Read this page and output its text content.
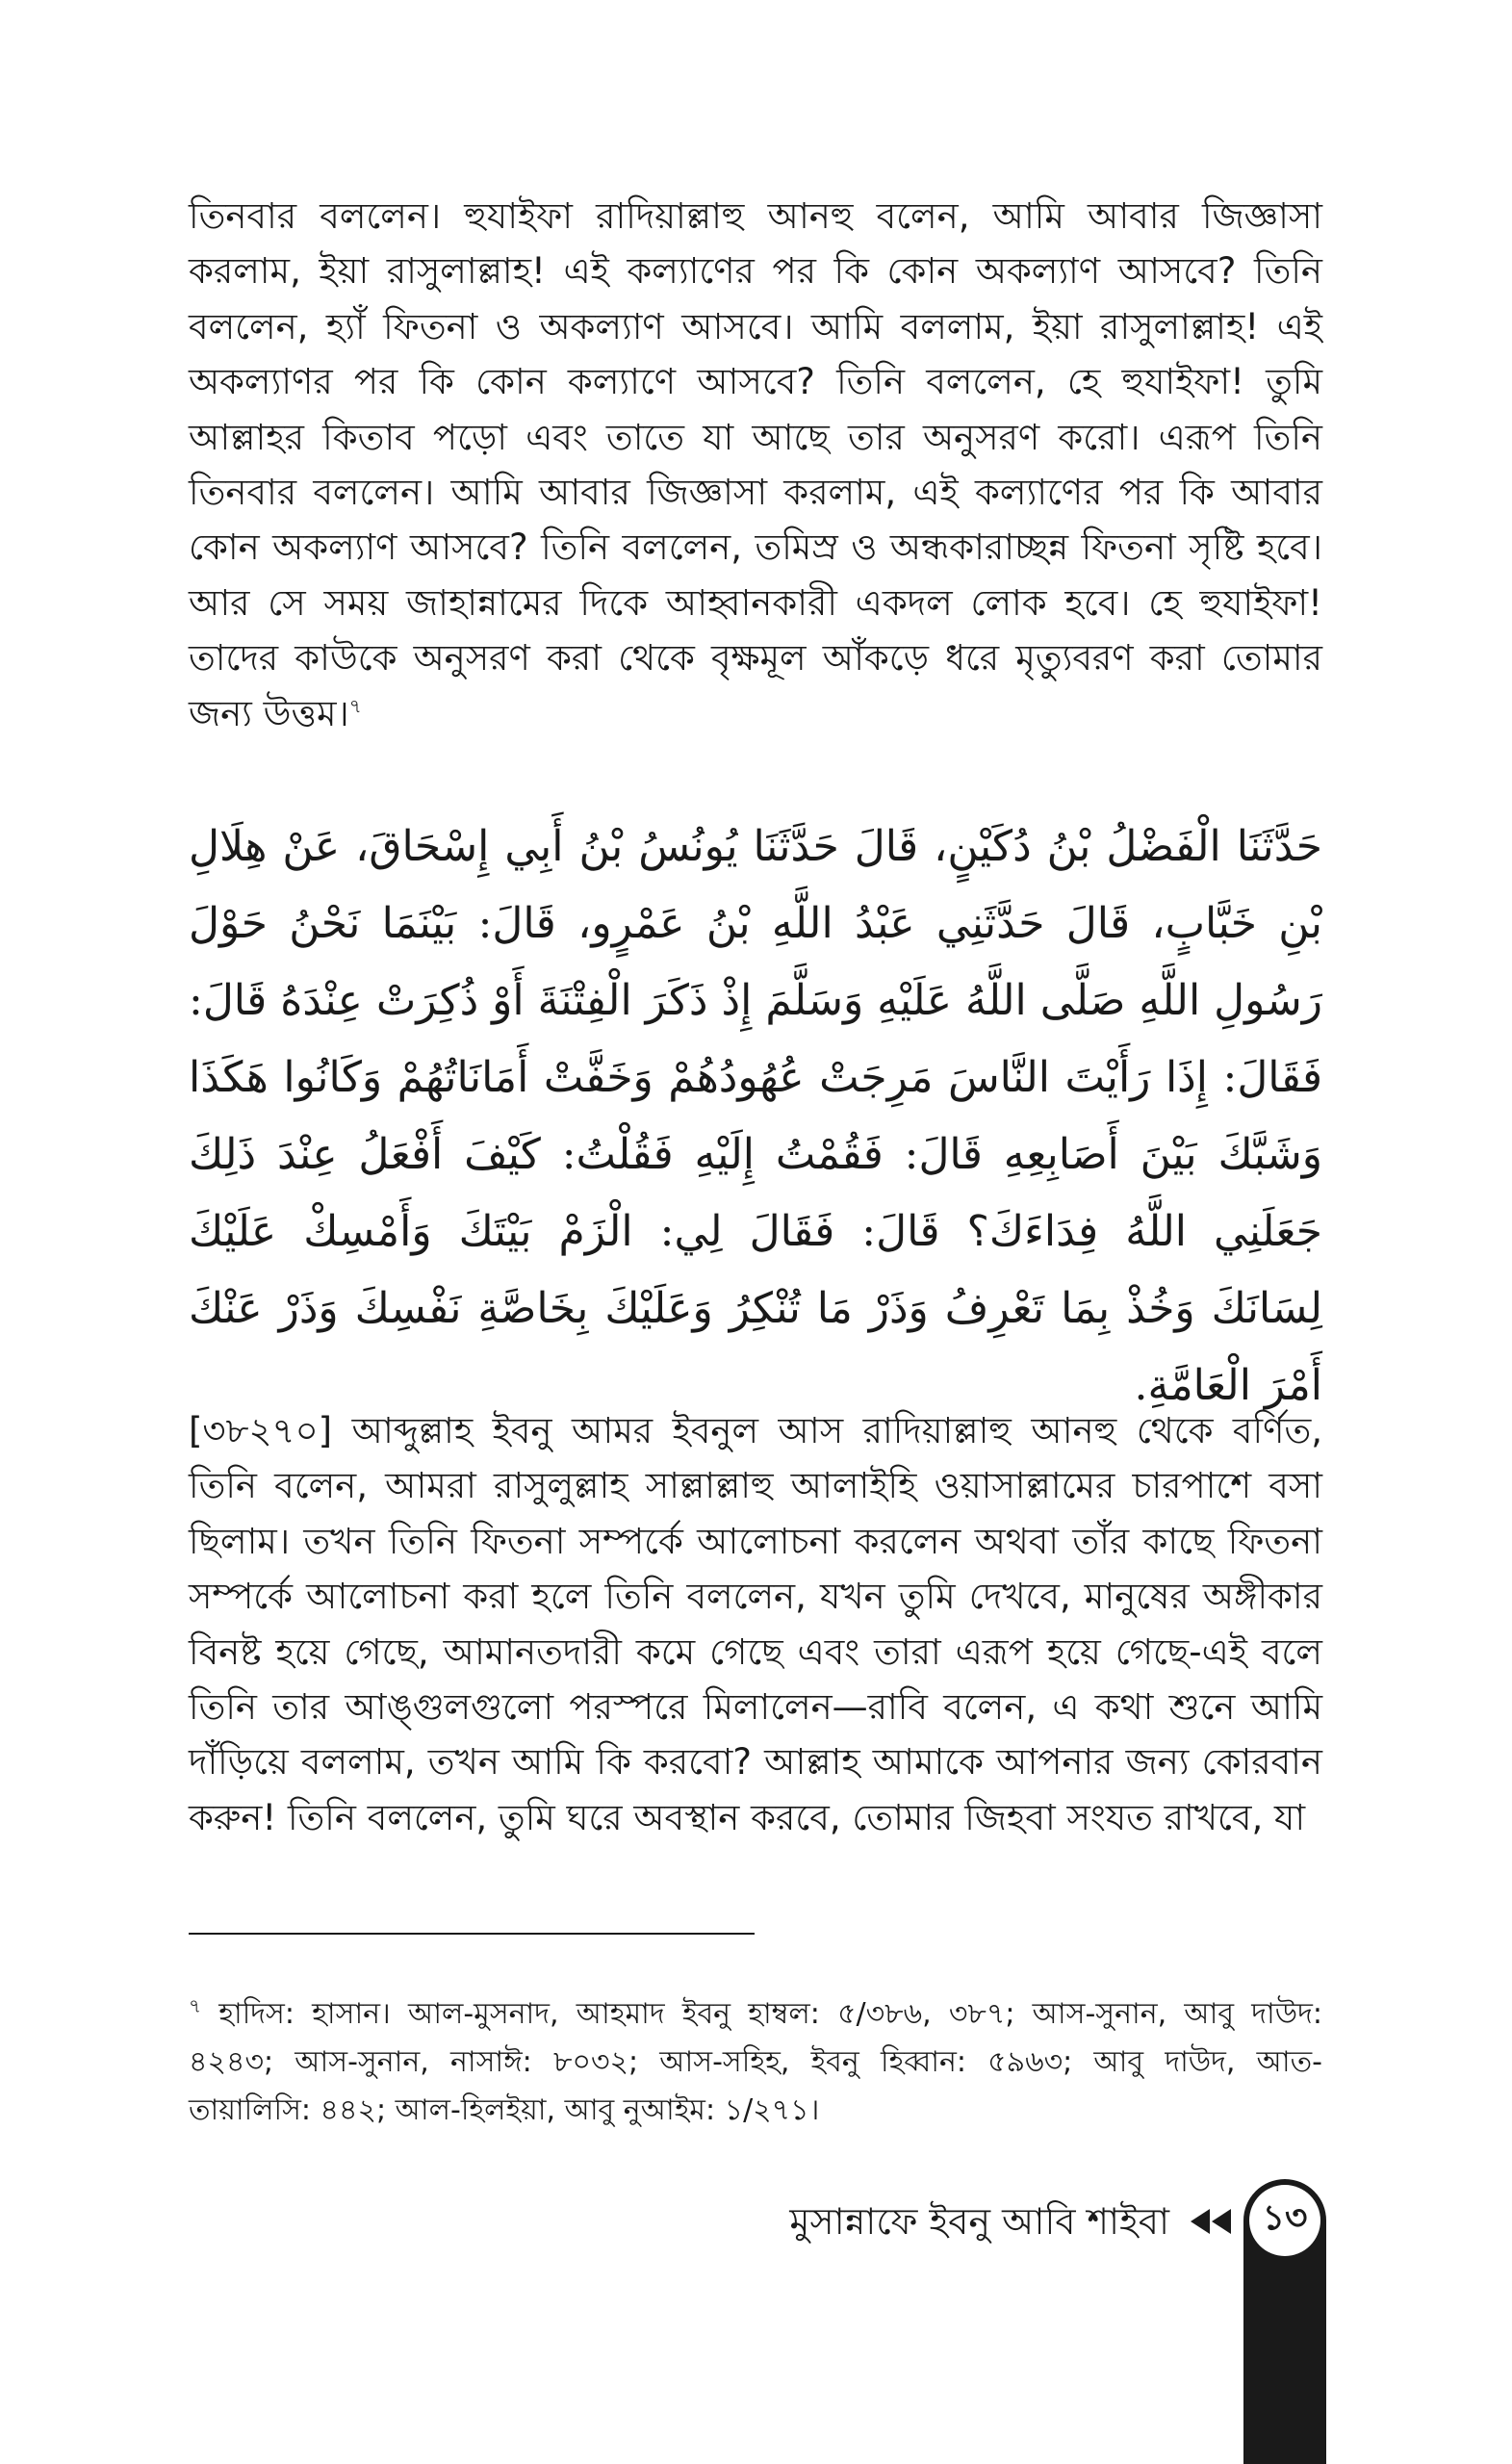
তিনবার বললেন। হুযাইফা রাদিয়াল্লাহু আনহু বলেন, আমি আবার জিজ্ঞাসা করলাম, ইয়া রাসুলাল্লাহ! এই কল্যাণের পর কি কোন অকল্যাণ আসবে? তিনি বললেন, হ্যাঁ ফিতনা ও অকল্যাণ আসবে। আমি বললাম, ইয়া রাসুলাল্লাহ! এই অকল্যাণর পর কি কোন কল্যাণে আসবে? তিনি বললেন, হে হুযাইফা! তুমি আল্লাহর কিতাব পড়ো এবং তাতে যা আছে তার অনুসরণ করো। এরূপ তিনি তিনবার বললেন। আমি আবার জিজ্ঞাসা করলাম, এই কল্যাণের পর কি আবার কোন অকল্যাণ আসবে? তিনি বললেন, তমিস্র ও অন্ধকারাচ্ছন্ন ফিতনা সৃষ্টি হবে। আর সে সময় জাহান্নামের দিকে আহ্বানকারী একদল লোক হবে। হে হুযাইফা! তাদের কাউকে অনুসরণ করা থেকে বৃক্ষমূল আঁকড়ে ধরে মৃত্যুবরণ করা তোমার জন্য উত্তম।$^৭$
حَدَّثَنَا الْفَضْلُ بْنُ دُكَيْنٍ، قَالَ حَدَّثَنَا يُونُسُ بْنُ أَبِي إِسْحَاقَ، عَنْ هِلَالِ بْنِ خَبَّابٍ، قَالَ حَدَّثَنِي عَبْدُ اللَّهِ بْنُ عَمْرٍو، قَالَ: بَيْنَمَا نَحْنُ حَوْلَ رَسُولِ اللَّهِ صَلَّى اللَّهُ عَلَيْهِ وَسَلَّمَ إِذْ ذَكَرَ الْفِتْنَةَ أَوْ ذُكِرَتْ عِنْدَهُ قَالَ: فَقَالَ: إِذَا رَأَيْتَ النَّاسَ مَرِجَتْ عُهُودُهُمْ وَخَفَّتْ أَمَانَاتُهُمْ وَكَانُوا هَكَذَا وَشَبَّكَ بَيْنَ أَصَابِعِهِ قَالَ: فَقُمْتُ إِلَيْهِ فَقُلْتُ: كَيْفَ أَفْعَلُ عِنْدَ ذَلِكَ جَعَلَنِي اللَّهُ فِدَاءَكَ؟ قَالَ: فَقَالَ لِي: الْزَمْ بَيْتَكَ وَأَمْسِكْ عَلَيْكَ لِسَانَكَ وَخُذْ بِمَا تَعْرِفُ وَذَرْ مَا تُنْكِرُ وَعَلَيْكَ بِخَاصَّةِ نَفْسِكَ وَذَرْ عَنْكَ أَمْرَ الْعَامَّةِ.
[৩৮২৭০] আব্দুল্লাহ ইবনু আমর ইবনুল আস রাদিয়াল্লাহু আনহু থেকে বর্ণিত, তিনি বলেন, আমরা রাসুলুল্লাহ সাল্লাল্লাহু আলাইহি ওয়াসাল্লামের চারপাশে বসা ছিলাম। তখন তিনি ফিতনা সম্পর্কে আলোচনা করলেন অথবা তাঁর কাছে ফিতনা সম্পর্কে আলোচনা করা হলে তিনি বললেন, যখন তুমি দেখবে, মানুষের অঙ্গীকার বিনষ্ট হয়ে গেছে, আমানতদারী কমে গেছে এবং তারা এরূপ হয়ে গেছে-এই বলে তিনি তার আঙ্গুলগুলো পরস্পরে মিলালেন—রাবি বলেন, এ কথা শুনে আমি দাঁড়িয়ে বললাম, তখন আমি কি করবো? আল্লাহ আমাকে আপনার জন্য কোরবান করুন! তিনি বললেন, তুমি ঘরে অবস্থান করবে, তোমার জিহবা সংযত রাখবে, যা
$^৭$ হাদিস: হাসান। আল-মুসনাদ, আহমাদ ইবনু হাম্বল: ৫/৩৮৬, ৩৮৭; আস-সুনান, আবু দাউদ: ৪২৪৩; আস-সুনান, নাসাঈ: ৮০৩২; আস-সহিহ, ইবনু হিব্বান: ৫৯৬৩; আবু দাউদ, আত-তায়ালিসি: ৪৪২; আল-হিলইয়া, আবু নুআইম: ১/২৭১।
মুসান্নাফে ইবনু আবি শাইবা	১৩
